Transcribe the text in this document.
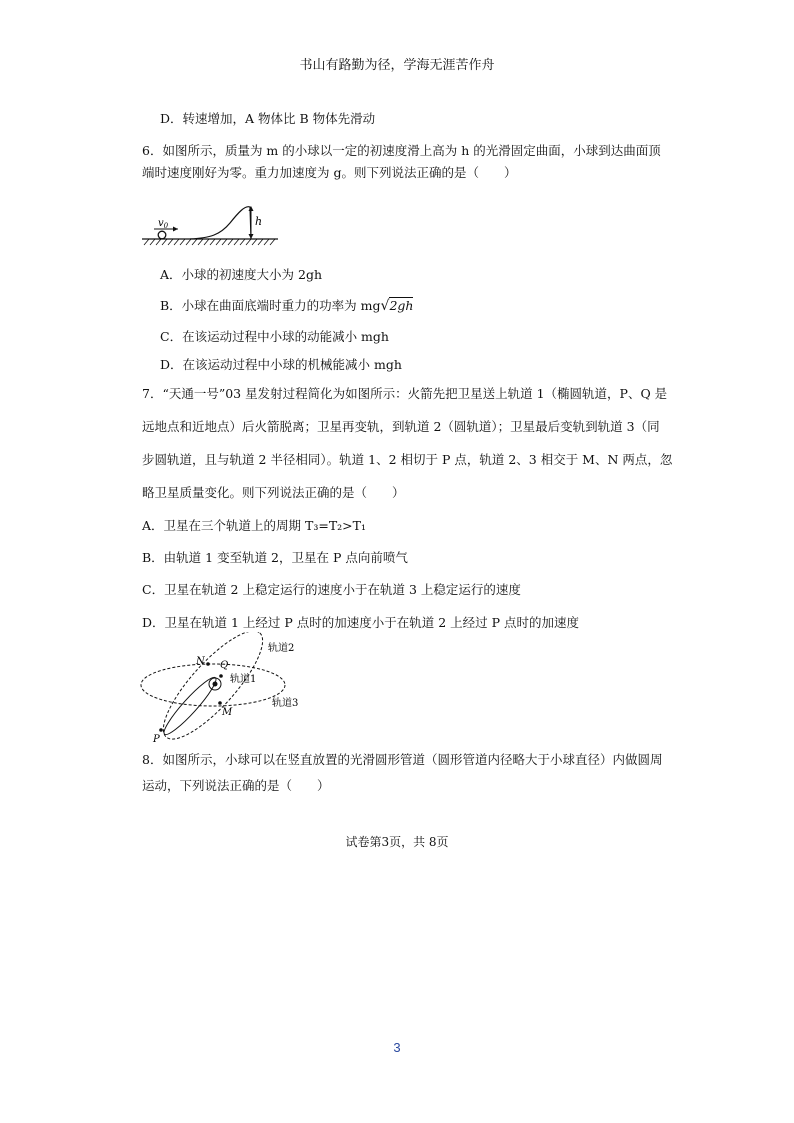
书山有路勤为径，学海无涯苦作舟
D．转速增加，A 物体比 B 物体先滑动
6．如图所示，质量为 m 的小球以一定的初速度滑上高为 h 的光滑固定曲面，小球到达曲面顶
端时速度刚好为零。重力加速度为 g。则下列说法正确的是（　　）
$v_0$	h
A．小球的初速度大小为 2gh
B．小球在曲面底端时重力的功率为 mg√2gh
C．在该运动过程中小球的动能减小 mgh
D．在该运动过程中小球的机械能减小 mgh
7．“天通一号”03 星发射过程简化为如图所示：火箭先把卫星送上轨道 1（椭圆轨道，P、Q 是
远地点和近地点）后火箭脱离；卫星再变轨，到轨道 2（圆轨道）；卫星最后变轨到轨道 3（同
步圆轨道，且与轨道 2 半径相同）。轨道 1、2 相切于 P 点，轨道 2、3 相交于 M、N 两点，忽
略卫星质量变化。则下列说法正确的是（　　）
A．卫星在三个轨道上的周期 T₃=T₂>T₁
B．由轨道 1 变至轨道 2，卫星在 P 点向前喷气
C．卫星在轨道 2 上稳定运行的速度小于在轨道 3 上稳定运行的速度
D．卫星在轨道 1 上经过 P 点时的加速度小于在轨道 2 上经过 P 点时的加速度
N Q
M
P
轨道1
轨道2
轨道3
8．如图所示，小球可以在竖直放置的光滑圆形管道（圆形管道内径略大于小球直径）内做圆周
运动，下列说法正确的是（　　）
试卷第3页，共 8页
3
